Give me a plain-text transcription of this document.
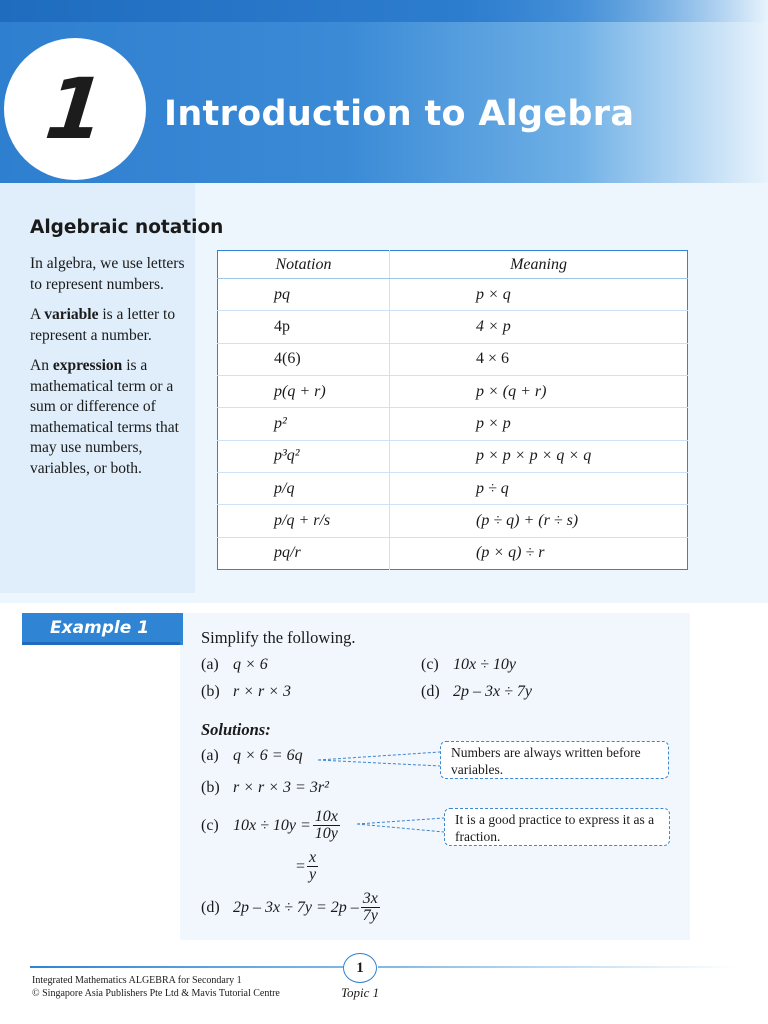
1 Introduction to Algebra
Algebraic notation

In algebra, we use letters to represent numbers.

A variable is a letter to represent a number.

An expression is a mathematical term or a sum or difference of mathematical terms that may use numbers, variables, or both.

Notation	Meaning
pq	p × q
4p	4 × p
4(6)	4 × 6
p(q + r)	p × (q + r)
p²	p × p
p³q²	p × p × p × q × q
p/q	p ÷ q
p/q + r/s	(p ÷ q) + (r ÷ s)
pq/r	(p × q) ÷ r
Example 1	Simplify the following.
(a) q × 6
(b) r × r × 3
(c) 10x ÷ 10y
(d) 2p – 3x ÷ 7y
Solutions:
(a) q × 6 = 6q
(b) r × r × 3 = 3r²
(c) $10x \div 10y = \frac{10x}{10y}$
= $\frac{x}{y}$
(d) $2p - 3x \div 7y = 2p - \frac{3x}{7y}$
Numbers are always written before variables.
It is a good practice to express it as a fraction.
1
Integrated Mathematics ALGEBRA for Secondary 1
© Singapore Asia Publishers Pte Ltd & Mavis Tutorial Centre	Topic 1
